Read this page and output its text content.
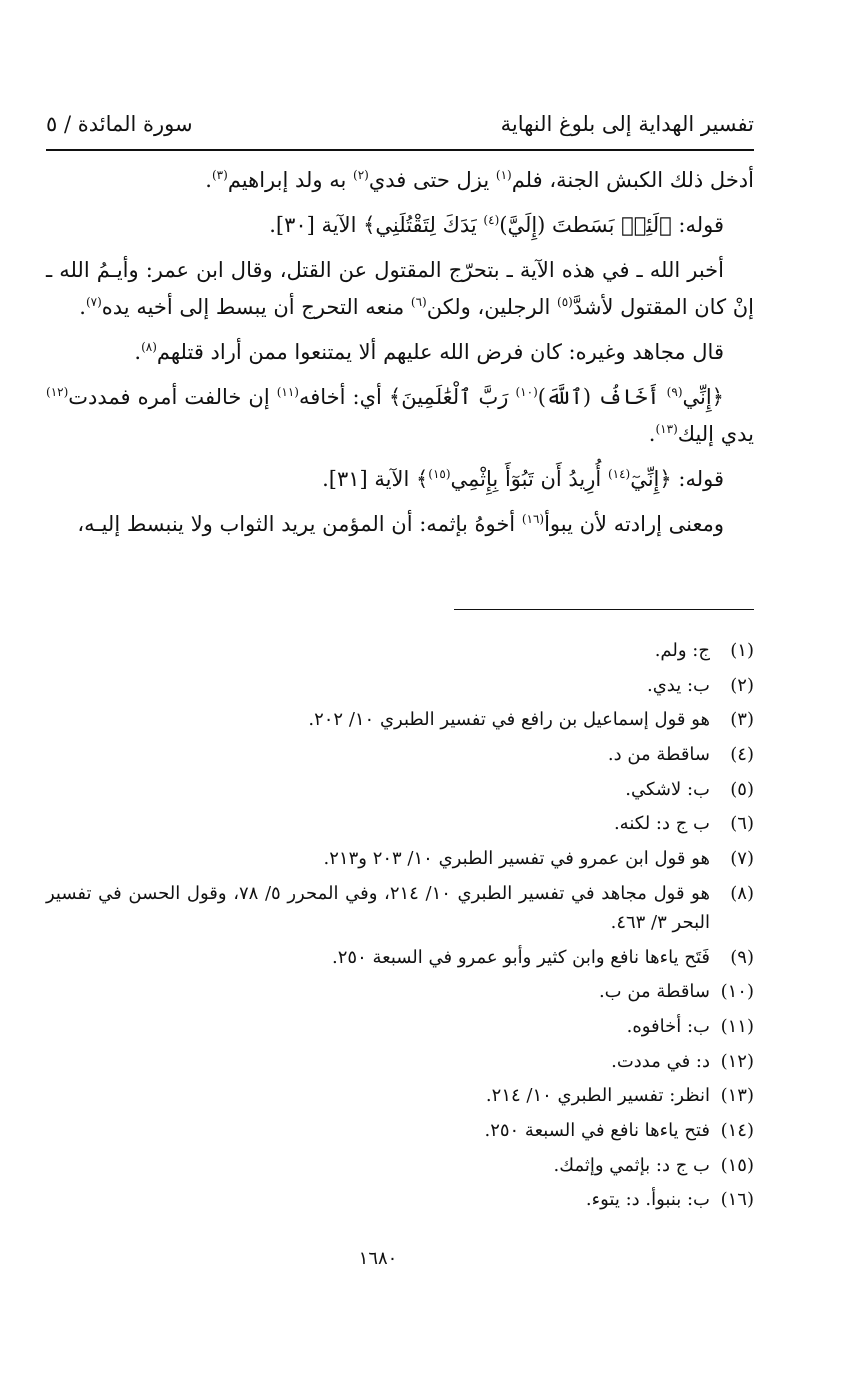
تفسير الهداية إلى بلوغ النهاية
سورة المائدة / ٥

أدخل ذلك الكبش الجنة، فلم$^{(١)}$ يزل حتى فدي$^{(٢)}$ به ولد إبراهيم$^{(٣)}$.

قوله: ﴿لَئِنۢ بَسَطتَ (إِلَيَّ)$^{(٤)}$ يَدَكَ لِتَقْتُلَنِي﴾ الآية [٣٠].

أخبر الله ـ في هذه الآية ـ بتحرّج المقتول عن القتل، وقال ابن عمر: وأيـمُ الله ـ إنْ كان المقتول لأشدَّ$^{(٥)}$ الرجلين، ولكن$^{(٦)}$ منعه التحرج أن يبسط إلى أخيه يده$^{(٧)}$.

قال مجاهد وغيره: كان فرض الله عليهم ألا يمتنعوا ممن أراد قتلهم$^{(٨)}$.

﴿إِنِّي$^{(٩)}$ أَخَافُ (ٱللَّهَ)$^{(١٠)}$ رَبَّ ٱلْعَٰلَمِينَ﴾ أي: أخافه$^{(١١)}$ إن خالفت أمره فمددت$^{(١٢)}$ يدي إليك$^{(١٣)}$.

قوله: ﴿إِنِّيٓ$^{(١٤)}$ أُرِيدُ أَن تَبُوٓأَ بِإِثْمِي$^{(١٥)}$﴾ الآية [٣١].

ومعنى إرادته لأن يبوأ$^{(١٦)}$ أخوهُ بإثمه: أن المؤمن يريد الثواب ولا ينبسط إليـه،

(١)
ج: ولم.
(٢)
ب: يدي.
(٣)
هو قول إسماعيل بن رافع في تفسير الطبري ١٠/ ٢٠٢.
(٤)
ساقطة من د.
(٥)
ب: لاشكي.
(٦)
ب ج د: لكنه.
(٧)
هو قول ابن عمرو في تفسير الطبري ١٠/ ٢٠٣ و٢١٣.
(٨)
هو قول مجاهد في تفسير الطبري ١٠/ ٢١٤، وفي المحرر ٥/ ٧٨، وقول الحسن في تفسير البحر ٣/ ٤٦٣.
(٩)
فَتَح ياءها نافع وابن كثير وأبو عمرو في السبعة ٢٥٠.
(١٠)
ساقطة من ب.
(١١)
ب: أخافوه.
(١٢)
د: في مددت.
(١٣)
انظر: تفسير الطبري ١٠/ ٢١٤.
(١٤)
فتح ياءها نافع في السبعة ٢٥٠.
(١٥)
ب ج د: بإثمي وإثمك.
(١٦)
ب: بنبوأ. د: يتوء.
١٦٨٠
